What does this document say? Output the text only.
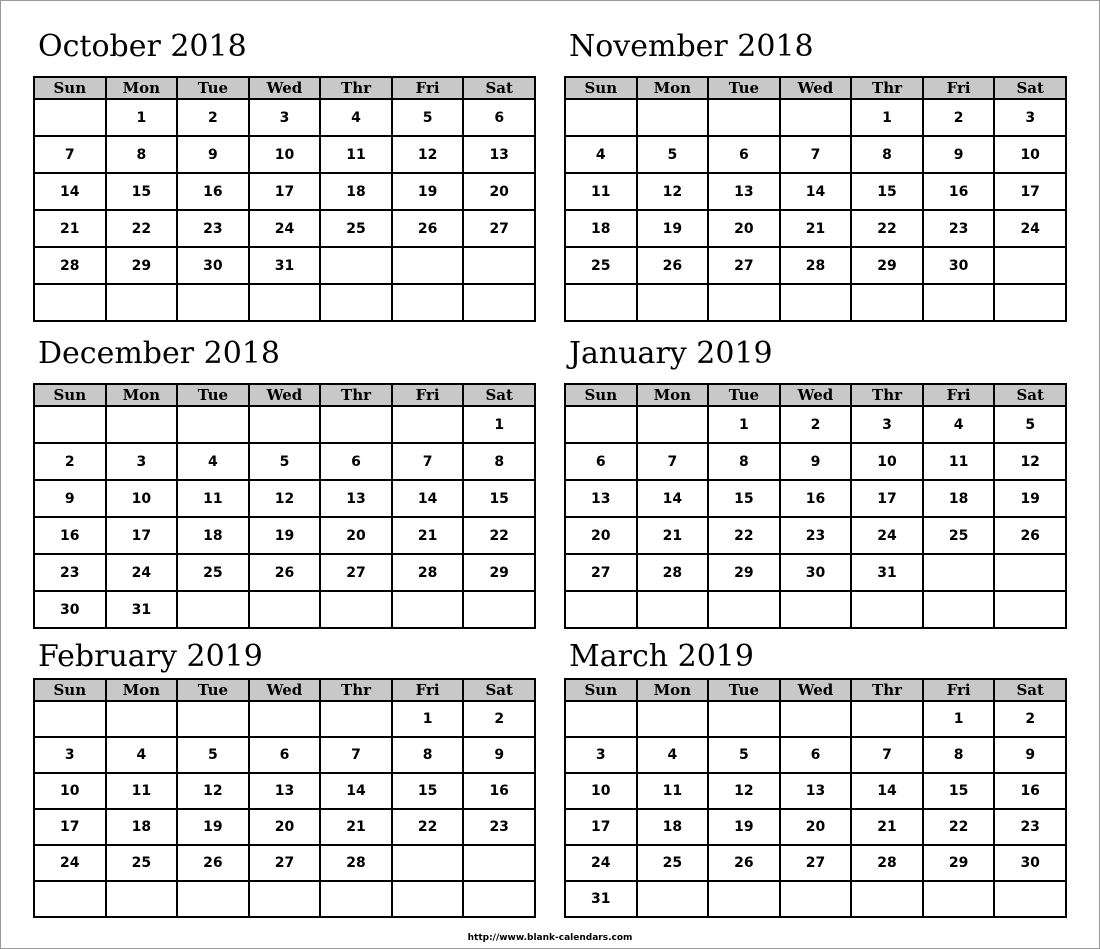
October 2018
Sun	Mon	Tue	Wed	Thr	Fri	Sat
	1	2	3	4	5	6
7	8	9	10	11	12	13
14	15	16	17	18	19	20
21	22	23	24	25	26	27
28	29	30	31			

November 2018
Sun	Mon	Tue	Wed	Thr	Fri	Sat
				1	2	3
4	5	6	7	8	9	10
11	12	13	14	15	16	17
18	19	20	21	22	23	24
25	26	27	28	29	30	

December 2018
Sun	Mon	Tue	Wed	Thr	Fri	Sat
						1
2	3	4	5	6	7	8
9	10	11	12	13	14	15
16	17	18	19	20	21	22
23	24	25	26	27	28	29
30	31					
January 2019
Sun	Mon	Tue	Wed	Thr	Fri	Sat
		1	2	3	4	5
6	7	8	9	10	11	12
13	14	15	16	17	18	19
20	21	22	23	24	25	26
27	28	29	30	31		

February 2019
Sun	Mon	Tue	Wed	Thr	Fri	Sat
					1	2
3	4	5	6	7	8	9
10	11	12	13	14	15	16
17	18	19	20	21	22	23
24	25	26	27	28		

March 2019
Sun	Mon	Tue	Wed	Thr	Fri	Sat
					1	2
3	4	5	6	7	8	9
10	11	12	13	14	15	16
17	18	19	20	21	22	23
24	25	26	27	28	29	30
31						
http://www.blank-calendars.com
